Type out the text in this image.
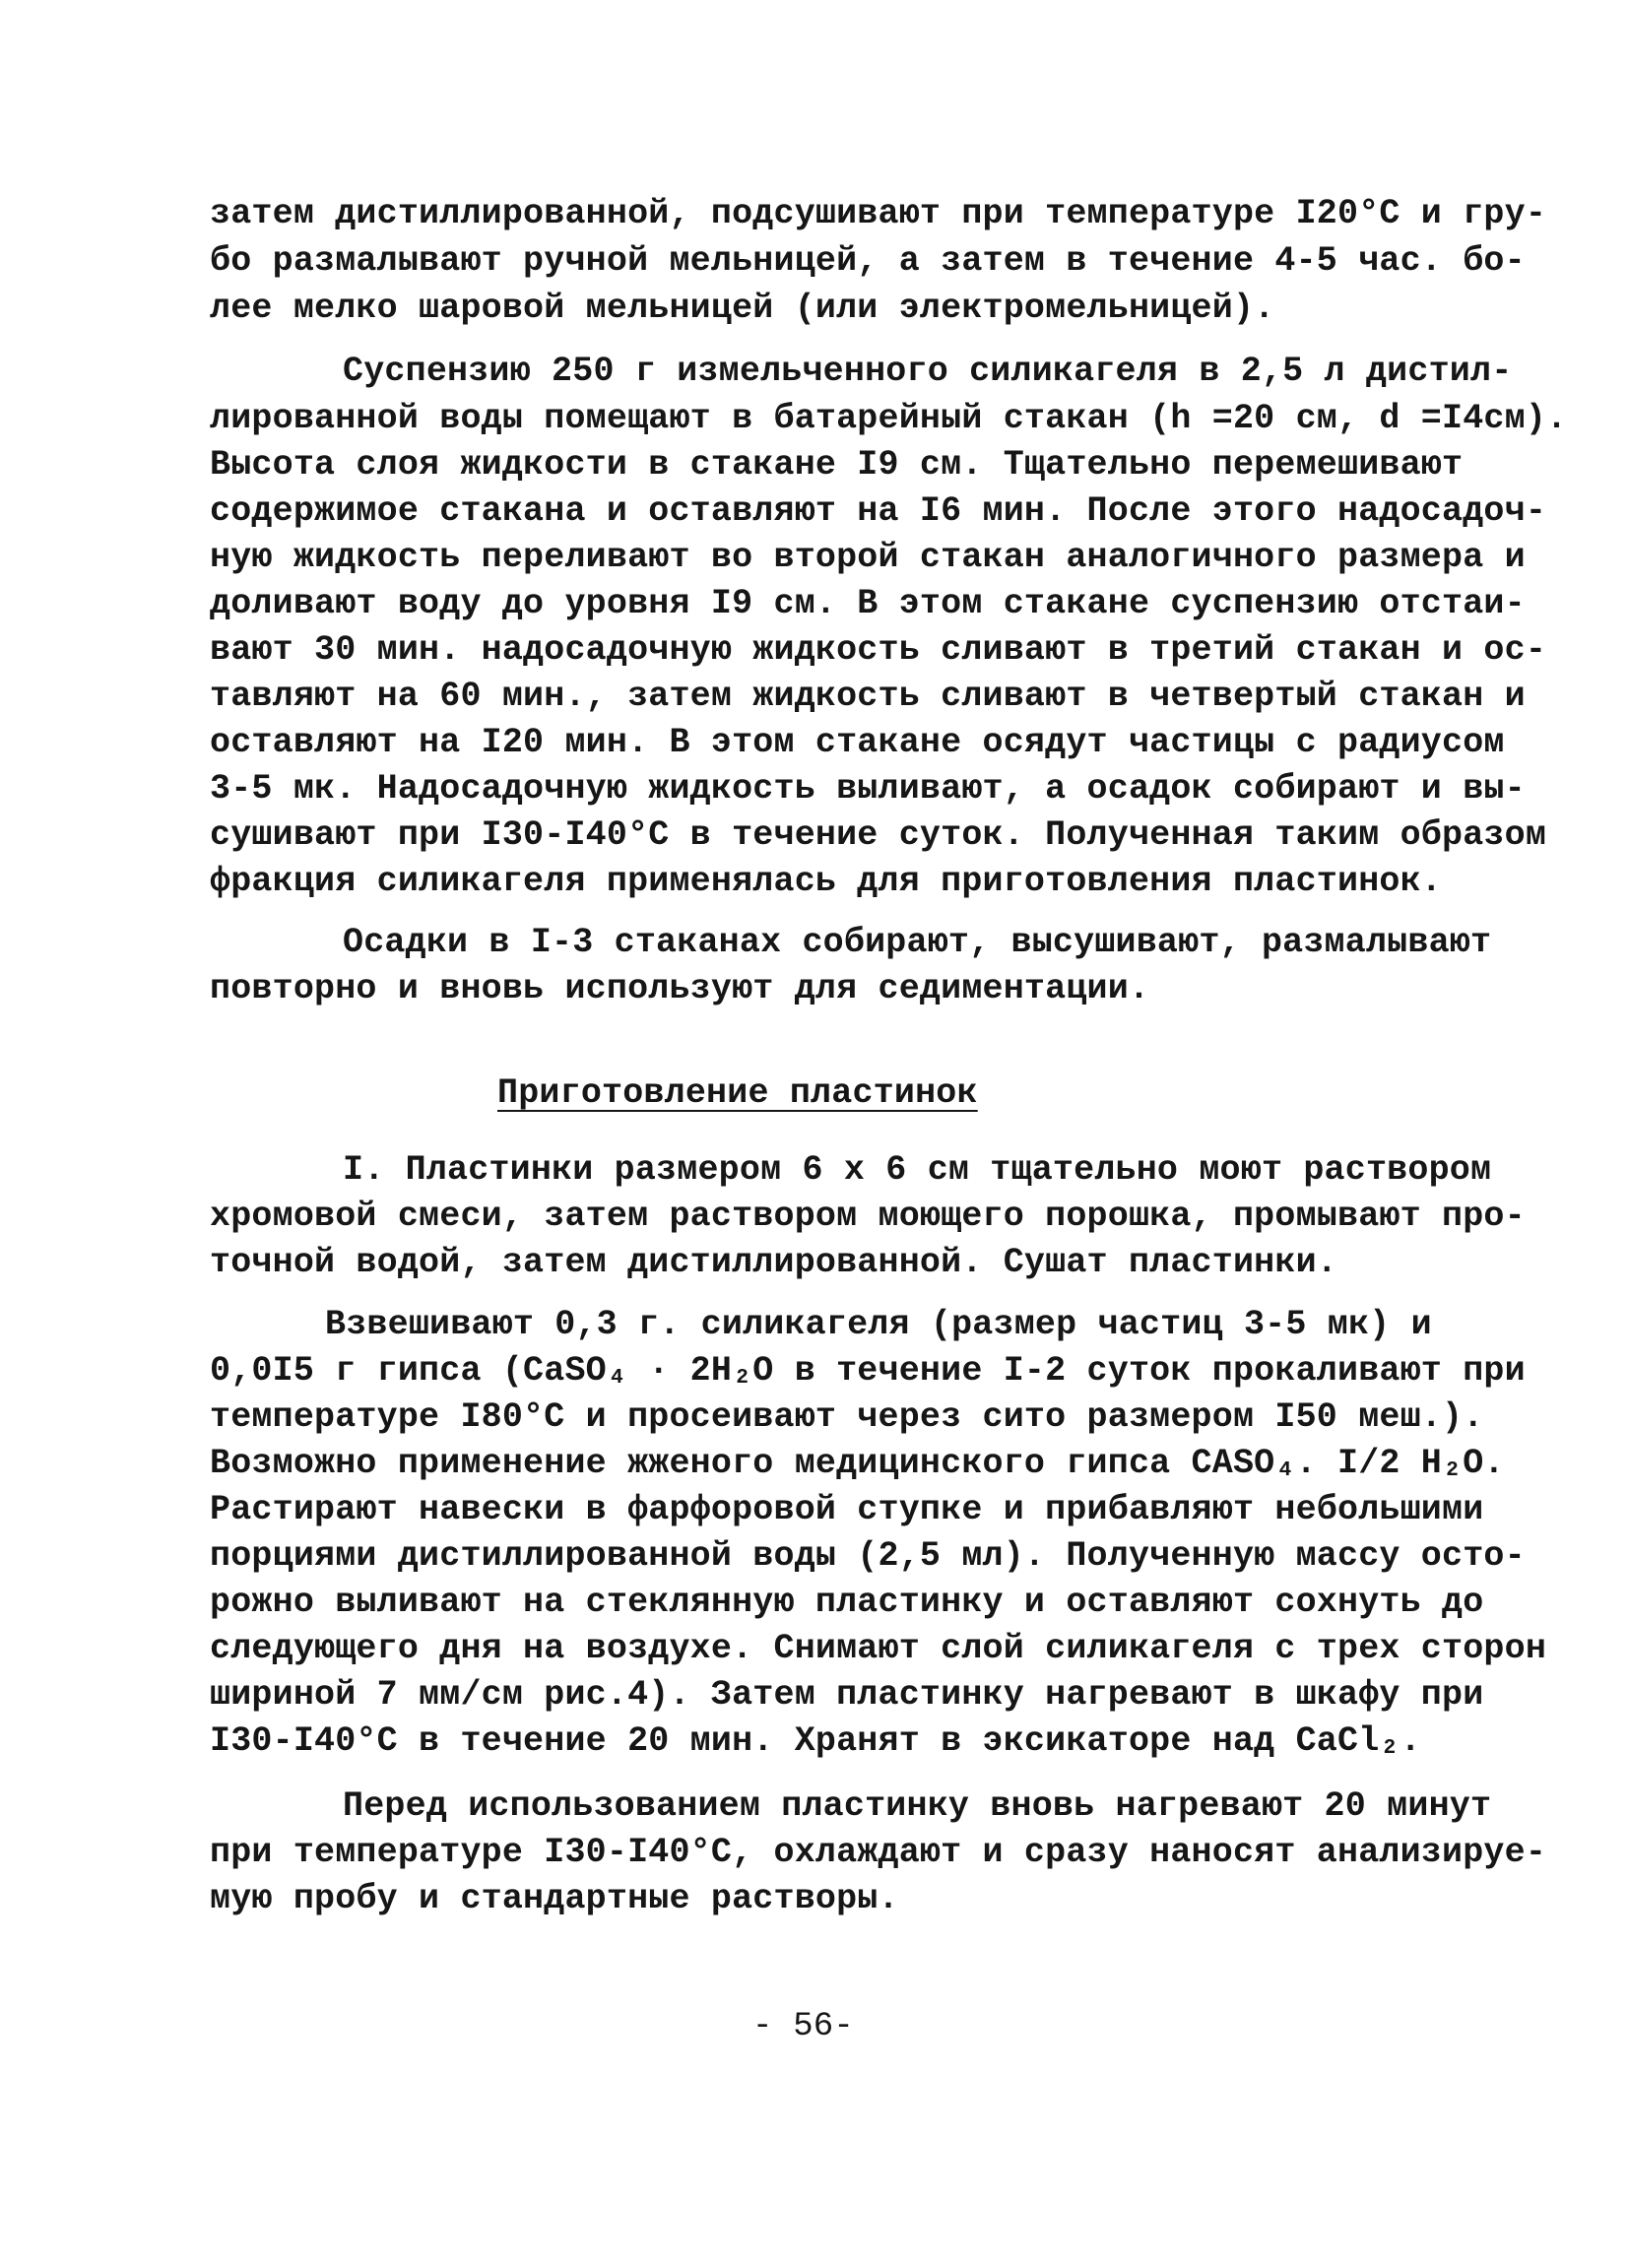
затем дистиллированной, подсушивают при температуре I20°С и гру-
бо размалывают ручной мельницей, а затем в течение 4-5 час. бо-
лее мелко шаровой мельницей (или электромельницей).
Суспензию 250 г измельченного силикагеля в 2,5 л дистил-
лированной воды помещают в батарейный стакан (h =20 см, d =I4см).
Высота слоя жидкости в стакане I9 см. Тщательно перемешивают
содержимое стакана и оставляют на I6 мин. После этого надосадоч-
ную жидкость переливают во второй стакан аналогичного размера и
доливают воду до уровня I9 см. В этом стакане суспензию отстаи-
вают 30 мин. надосадочную жидкость сливают в третий стакан и ос-
тавляют на 60 мин., затем жидкость сливают в четвертый стакан и
оставляют на I20 мин. В этом стакане осядут частицы с радиусом
3-5 мк. Надосадочную жидкость выливают, а осадок собирают и вы-
сушивают при I30-I40°С в течение суток. Полученная таким образом
фракция силикагеля применялась для приготовления пластинок.
Осадки в I-3 стаканах собирают, высушивают, размалывают
повторно и вновь используют для седиментации.
Приготовление пластинок
I. Пластинки размером 6 х 6 см тщательно моют раствором
хромовой смеси, затем раствором моющего порошка, промывают про-
точной водой, затем дистиллированной. Сушат пластинки.
Взвешивают 0,3 г. силикагеля (размер частиц 3-5 мк) и
0,0I5 г гипса (CaSO₄ · 2H₂O в течение I-2 суток прокаливают при
температуре I80°С и просеивают через сито размером I50 меш.).
Возможно применение жженого медицинского гипса CASO₄. I/2 H₂O.
Растирают навески в фарфоровой ступке и прибавляют небольшими
порциями дистиллированной воды (2,5 мл). Полученную массу осто-
рожно выливают на стеклянную пластинку и оставляют сохнуть до
следующего дня на воздухе. Снимают слой силикагеля с трех сторон
шириной 7 мм/см рис.4). Затем пластинку нагревают в шкафу при
I30-I40°С в течение 20 мин. Хранят в эксикаторе над CaCl₂.
Перед использованием пластинку вновь нагревают 20 минут
при температуре I30-I40°С, охлаждают и сразу наносят анализируе-
мую пробу и стандартные растворы.
- 56-
